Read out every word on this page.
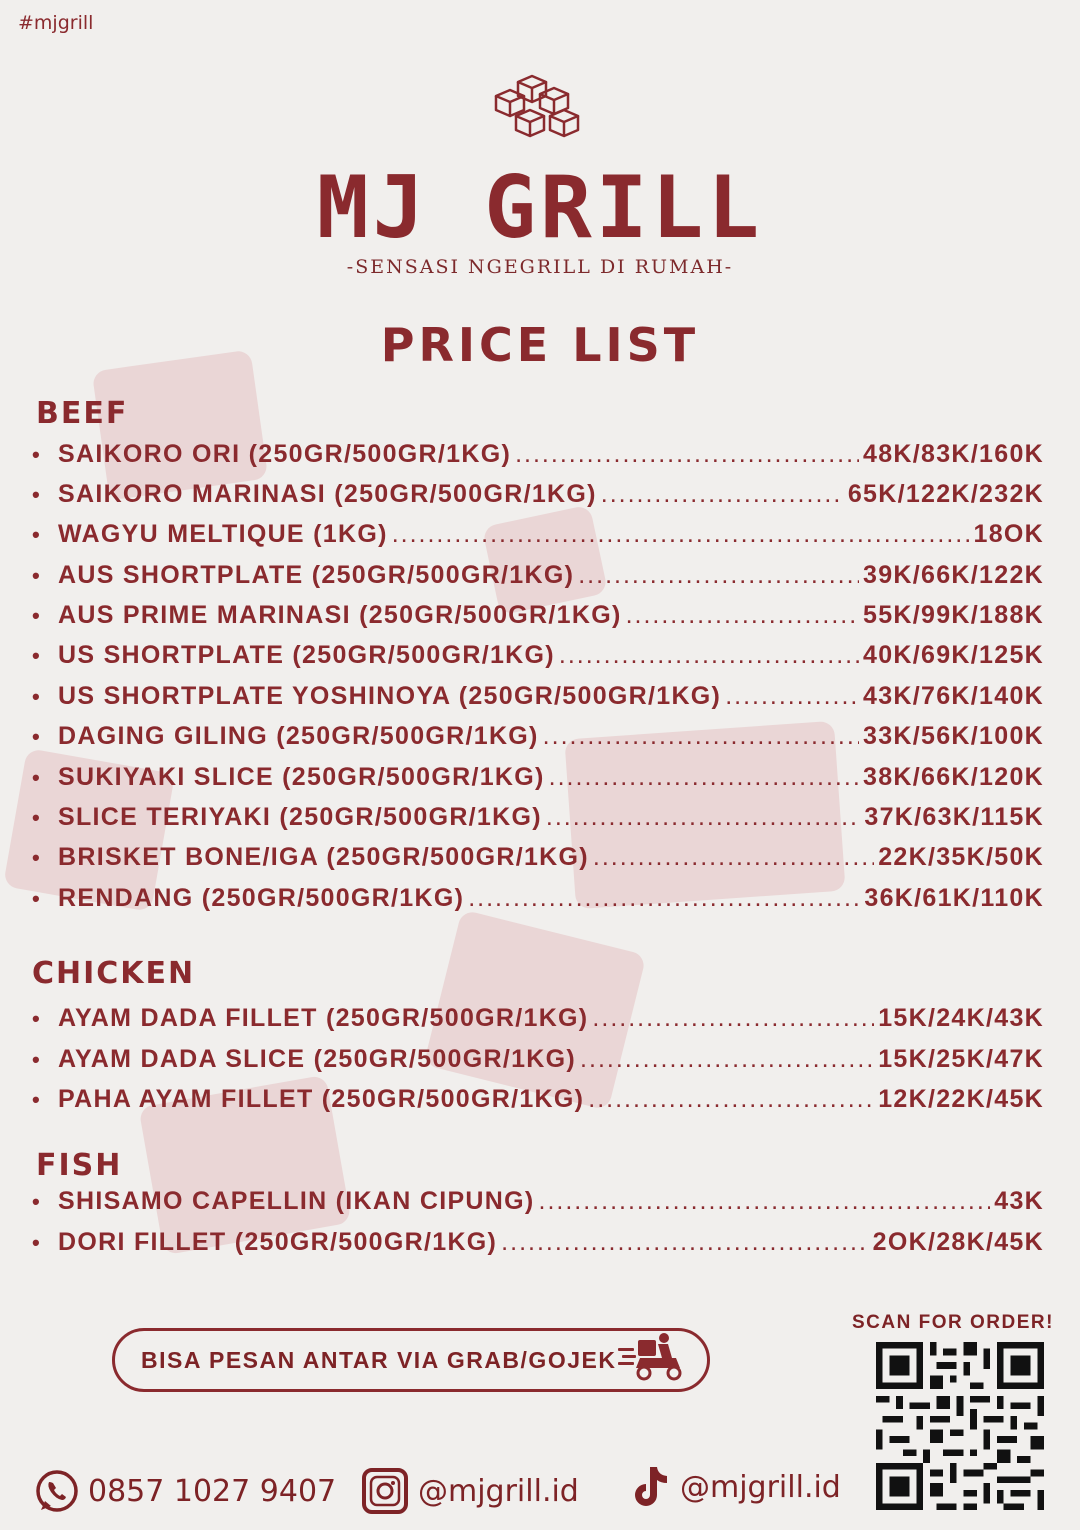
#mjgrill
MJ GRILL
-SENSASI NGEGRILL DI RUMAH-
PRICE LIST
BEEF
• SAIKORO ORI (250GR/500GR/1KG) .....	48K/83K/160K
• SAIKORO MARINASI (250GR/500GR/1KG) .....	65K/122K/232K
• WAGYU MELTIQUE (1KG) .....	18OK
• AUS SHORTPLATE (250GR/500GR/1KG) .....	39K/66K/122K
• AUS PRIME MARINASI (250GR/500GR/1KG) .....	55K/99K/188K
• US SHORTPLATE (250GR/500GR/1KG) .....	40K/69K/125K
• US SHORTPLATE YOSHINOYA (250GR/500GR/1KG) .....	43K/76K/140K
• DAGING GILING (250GR/500GR/1KG) .....	33K/56K/100K
• SUKIYAKI SLICE (250GR/500GR/1KG) .....	38K/66K/120K
• SLICE TERIYAKI (250GR/500GR/1KG) .....	37K/63K/115K
• BRISKET BONE/IGA (250GR/500GR/1KG) .....	22K/35K/50K
• RENDANG (250GR/500GR/1KG) .....	36K/61K/110K
CHICKEN
• AYAM DADA FILLET (250GR/500GR/1KG) .....	15K/24K/43K
• AYAM DADA SLICE (250GR/500GR/1KG) .....	15K/25K/47K
• PAHA AYAM FILLET (250GR/500GR/1KG) .....	12K/22K/45K
FISH
• SHISAMO CAPELLIN (IKAN CIPUNG) .....	43K
• DORI FILLET (250GR/500GR/1KG) .....	2OK/28K/45K
BISA PESAN ANTAR VIA GRAB/GOJEK
SCAN FOR ORDER!
0857 1027 9407	@mjgrill.id	@mjgrill.id
